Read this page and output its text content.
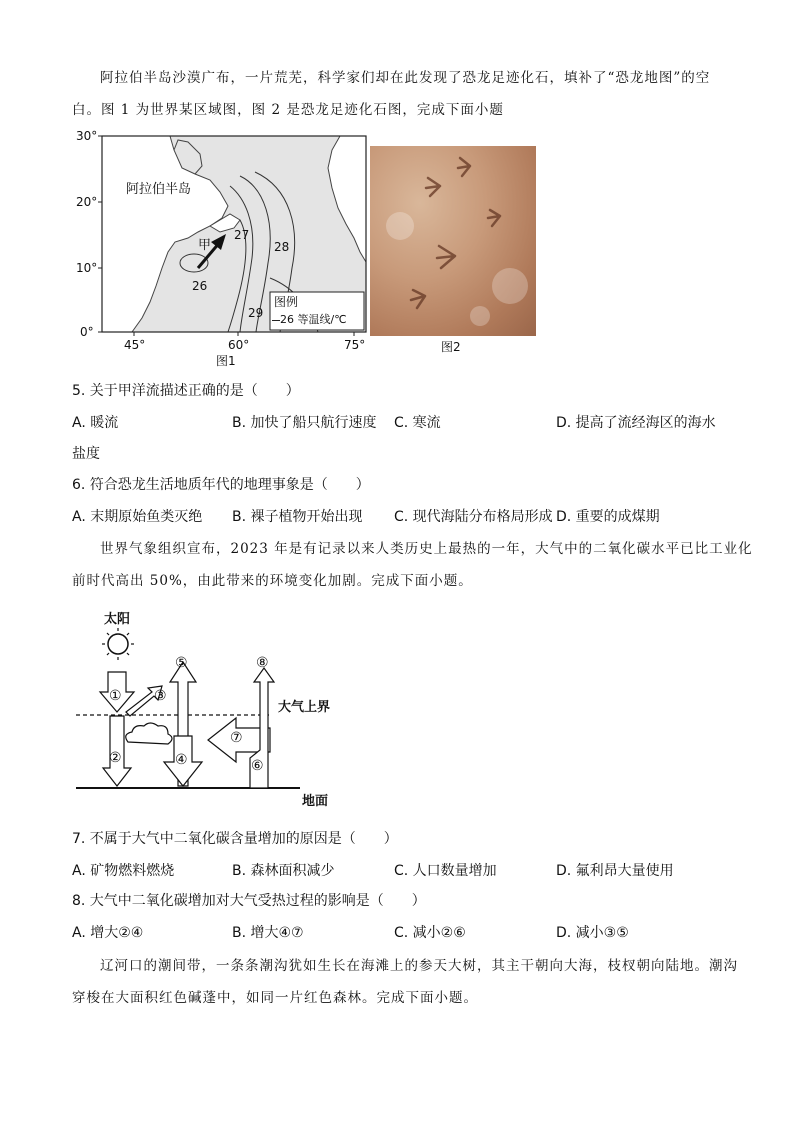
阿拉伯半岛沙漠广布，一片荒芜，科学家们却在此发现了恐龙足迹化石，填补了“恐龙地图”的空
白。图 1 为世界某区域图，图 2 是恐龙足迹化石图，完成下面小题
30°
20°
10°
0°
45°	60°	75°
阿拉伯半岛
甲
26
27
28
29
图例
26 等温线/℃
图1
图2
5. 关于甲洋流描述正确的是（　　）
A. 暖流	B. 加快了船只航行速度 C. 寒流	D. 提高了流经海区的海水
盐度
6. 符合恐龙生活地质年代的地理事象是（　　）
A. 末期原始鱼类灭绝 B. 裸子植物开始出现 C. 现代海陆分布格局形成 D. 重要的成煤期
世界气象组织宣布，2023 年是有记录以来人类历史上最热的一年，大气中的二氧化碳水平已比工业化
前时代高出 50%，由此带来的环境变化加剧。完成下面小题。
太阳
大气上界
地面
①
②
③
④
⑤
⑥
⑦
⑧
7. 不属于大气中二氧化碳含量增加的原因是（　　）
A. 矿物燃料燃烧	B. 森林面积减少	C. 人口数量增加	D. 氟利昂大量使用
8. 大气中二氧化碳增加对大气受热过程的影响是（　　）
A. 增大②④	B. 增大④⑦	C. 减小②⑥	D. 减小③⑤
辽河口的潮间带，一条条潮沟犹如生长在海滩上的参天大树，其主干朝向大海，枝杈朝向陆地。潮沟
穿梭在大面积红色碱蓬中，如同一片红色森林。完成下面小题。
